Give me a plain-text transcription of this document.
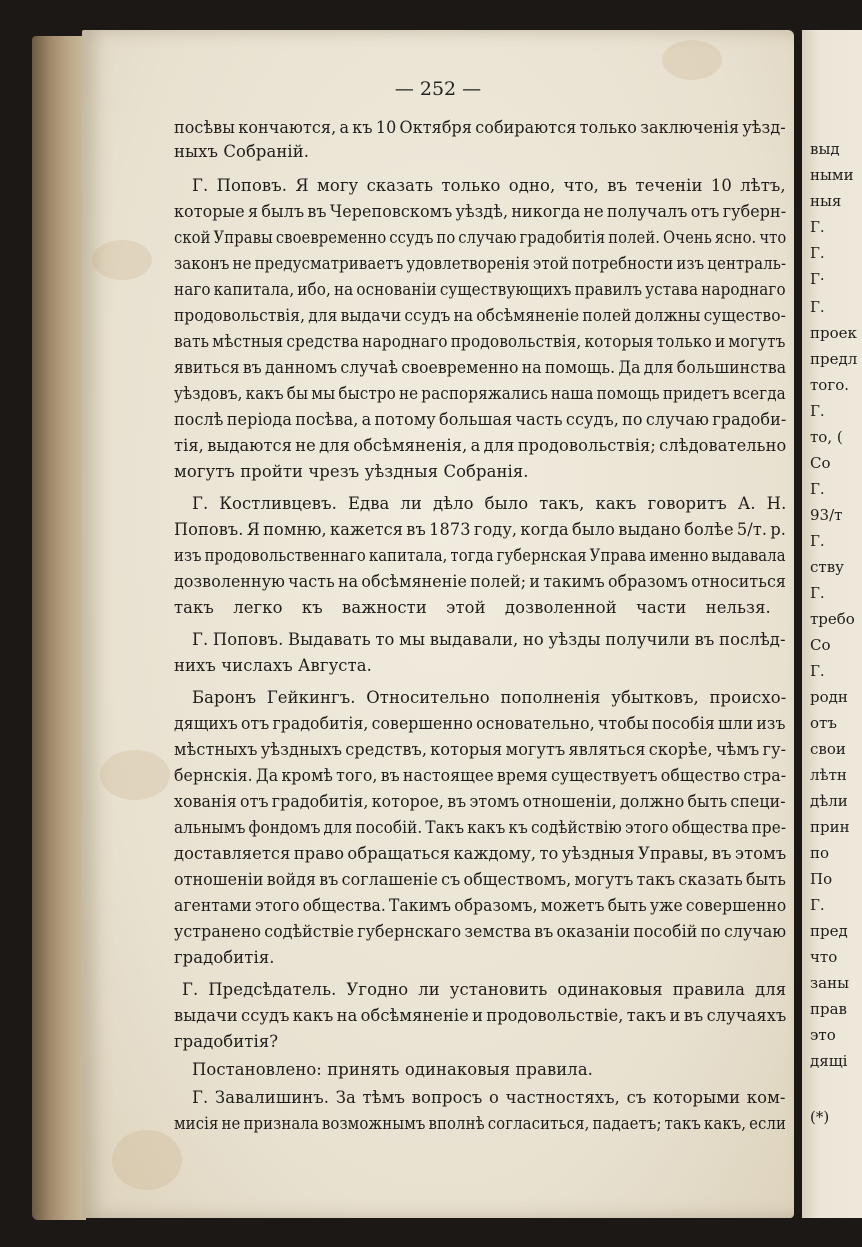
— 252 —
посѣвы кончаются, а къ 10 Октября собираются только заключенія уѣзд-
ныхъ Собраній.
Г. Поповъ. Я могу сказать только одно, что, въ теченіи 10 лѣтъ,
которые я былъ въ Череповскомъ уѣздѣ, никогда не получалъ отъ губерн-
ской Управы своевременно ссудъ по случаю градобитія полей. Очень ясно. что
законъ не предусматриваетъ удовлетворенія этой потребности изъ централь-
наго капитала, ибо, на основаніи существующихъ правилъ устава народнаго
продовольствія, для выдачи ссудъ на обсѣмяненіе полей должны существо-
вать мѣстныя средства народнаго продовольствія, которыя только и могутъ
явиться въ данномъ случаѣ своевременно на помощь. Да для большинства
уѣздовъ, какъ бы мы быстро не распоряжались наша помощь придетъ всегда
послѣ періода посѣва, а потому большая часть ссудъ, по случаю градоби-
тія, выдаются не для обсѣмяненія, а для продовольствія; слѣдовательно
могутъ пройти чрезъ уѣздныя Собранія.
Г. Костливцевъ. Едва ли дѣло было такъ, какъ говоритъ А. Н.
Поповъ. Я помню, кажется въ 1873 году, когда было выдано болѣе 5/т. р.
изъ продовольственнаго капитала, тогда губернская Управа именно выдавала
дозволенную часть на обсѣмяненіе полей; и такимъ образомъ относиться
такъ легко къ важности этой дозволенной части нельзя.
Г. Поповъ. Выдавать то мы выдавали, но уѣзды получили въ послѣд-
нихъ числахъ Августа.
Баронъ Гейкингъ. Относительно пополненія убытковъ, происхо-
дящихъ отъ градобитія, совершенно основательно, чтобы пособія шли изъ
мѣстныхъ уѣздныхъ средствъ, которыя могутъ являться скорѣе, чѣмъ гу-
бернскія. Да кромѣ того, въ настоящее время существуетъ общество стра-
хованія отъ градобитія, которое, въ этомъ отношеніи, должно быть специ-
альнымъ фондомъ для пособій. Такъ какъ къ содѣйствію этого общества пре-
доставляется право обращаться каждому, то уѣздныя Управы, въ этомъ
отношеніи войдя въ соглашеніе съ обществомъ, могутъ такъ сказать быть
агентами этого общества. Такимъ образомъ, можетъ быть уже совершенно
устранено содѣйствіе губернскаго земства въ оказаніи пособій по случаю
градобитія.
Г. Предсѣдатель. Угодно ли установить одинаковыя правила для
выдачи ссудъ какъ на обсѣмяненіе и продовольствіе, такъ и въ случаяхъ
градобитія?
Постановлено: принять одинаковыя правила.
Г. Завалишинъ. За тѣмъ вопросъ о частностяхъ, съ которыми ком-
мисія не признала возможнымъ вполнѣ согласиться, падаетъ; такъ какъ, если
выд
ными
ныя
Г.
Г.
Г·
Г.
проек
предл
того.
Г.
то, (
Со
Г.
93/т
Г.
ству
Г.
требо
Со
Г.
родн
отъ
свои
лѣтн
дѣли
прин
по
По
Г.
пред
что
заны
прав
это
дящі
(*)
